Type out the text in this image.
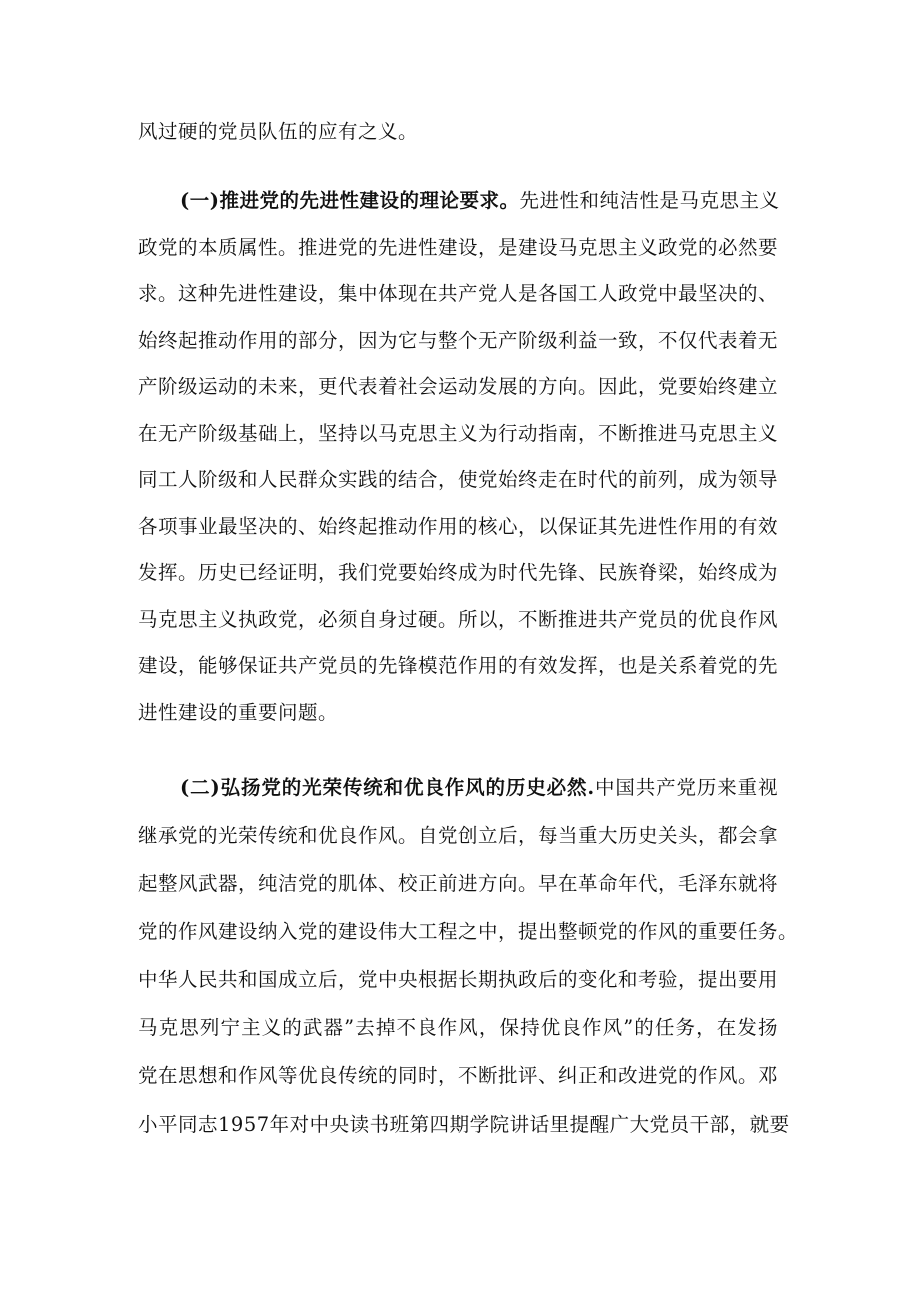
风过硬的党员队伍的应有之义。
(一)推进党的先进性建设的理论要求。先进性和纯洁性是马克思主义
政党的本质属性。推进党的先进性建设，是建设马克思主义政党的必然要
求。这种先进性建设，集中体现在共产党人是各国工人政党中最坚决的、
始终起推动作用的部分，因为它与整个无产阶级利益一致，不仅代表着无
产阶级运动的未来，更代表着社会运动发展的方向。因此，党要始终建立
在无产阶级基础上，坚持以马克思主义为行动指南，不断推进马克思主义
同工人阶级和人民群众实践的结合，使党始终走在时代的前列，成为领导
各项事业最坚决的、始终起推动作用的核心，以保证其先进性作用的有效
发挥。历史已经证明，我们党要始终成为时代先锋、民族脊梁，始终成为
马克思主义执政党，必须自身过硬。所以，不断推进共产党员的优良作风
建设，能够保证共产党员的先锋模范作用的有效发挥，也是关系着党的先
进性建设的重要问题。
(二)弘扬党的光荣传统和优良作风的历史必然.中国共产党历来重视
继承党的光荣传统和优良作风。自党创立后，每当重大历史关头，都会拿
起整风武器，纯洁党的肌体、校正前进方向。早在革命年代，毛泽东就将
党的作风建设纳入党的建设伟大工程之中，提出整顿党的作风的重要任务。
中华人民共和国成立后，党中央根据长期执政后的变化和考验，提出要用
马克思列宁主义的武器”去掉不良作风，保持优良作风”的任务，在发扬
党在思想和作风等优良传统的同时，不断批评、纠正和改进党的作风。邓
小平同志1957年对中央读书班第四期学院讲话里提醒广大党员干部，就要
